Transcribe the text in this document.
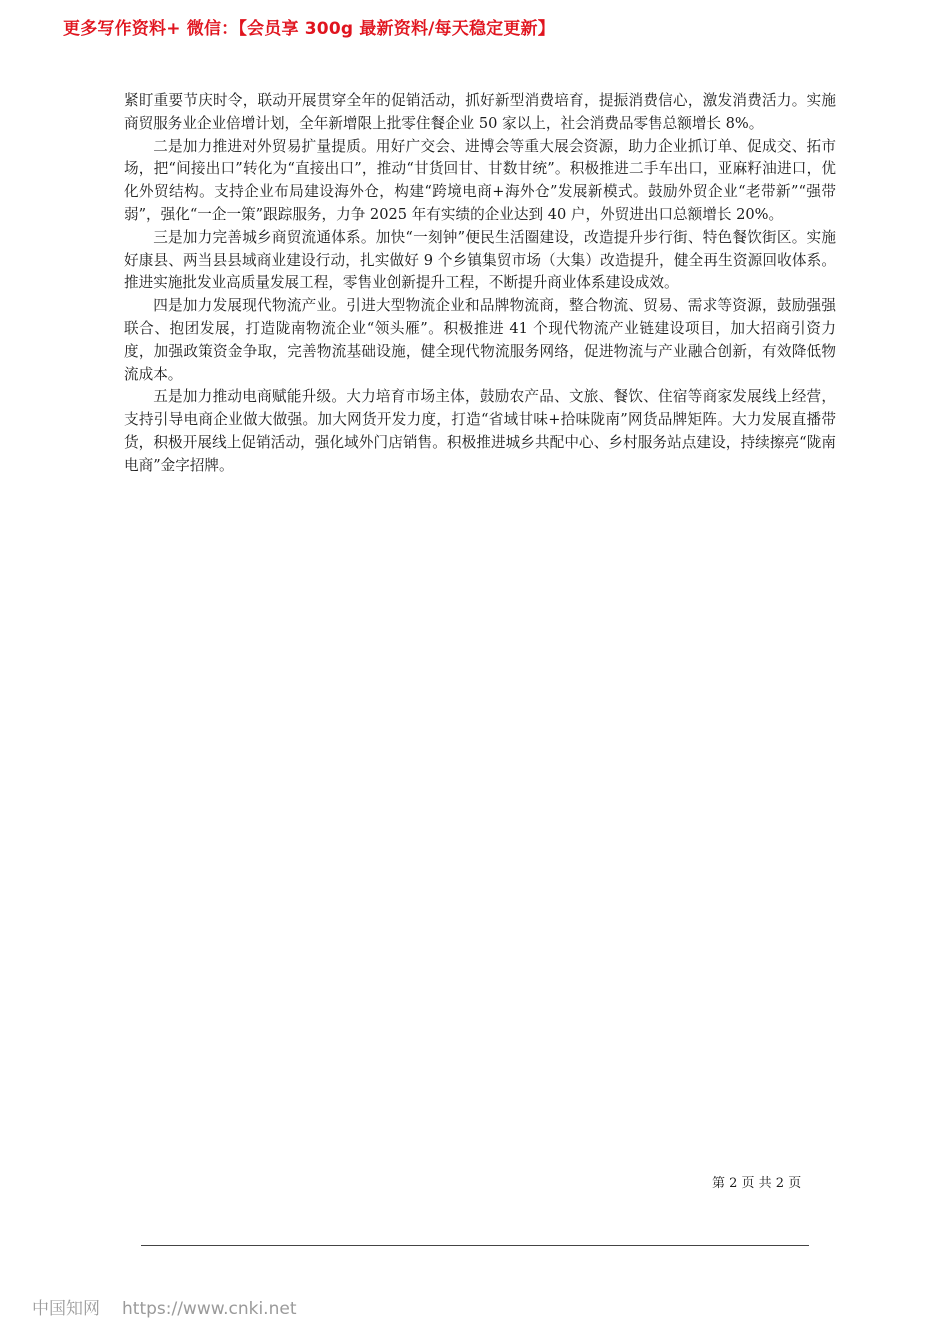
更多写作资料+ 微信：【会员享 300g 最新资料/每天稳定更新】

紧盯重要节庆时令，联动开展贯穿全年的促销活动，抓好新型消费培育，提振消费信心，激发消费活力。实施商贸服务业企业倍增计划，全年新增限上批零住餐企业 50 家以上，社会消费品零售总额增长 8%。

二是加力推进对外贸易扩量提质。用好广交会、进博会等重大展会资源，助力企业抓订单、促成交、拓市场，把“间接出口”转化为“直接出口”，推动“甘货回甘、甘数甘统”。积极推进二手车出口，亚麻籽油进口，优化外贸结构。支持企业布局建设海外仓，构建“跨境电商+海外仓”发展新模式。鼓励外贸企业“老带新”“强带弱”，强化“一企一策”跟踪服务，力争 2025 年有实绩的企业达到 40 户，外贸进出口总额增长 20%。

三是加力完善城乡商贸流通体系。加快“一刻钟”便民生活圈建设，改造提升步行街、特色餐饮街区。实施好康县、两当县县域商业建设行动，扎实做好 9 个乡镇集贸市场（大集）改造提升，健全再生资源回收体系。推进实施批发业高质量发展工程，零售业创新提升工程，不断提升商业体系建设成效。

四是加力发展现代物流产业。引进大型物流企业和品牌物流商，整合物流、贸易、需求等资源，鼓励强强联合、抱团发展，打造陇南物流企业“领头雁”。积极推进 41 个现代物流产业链建设项目，加大招商引资力度，加强政策资金争取，完善物流基础设施，健全现代物流服务网络，促进物流与产业融合创新，有效降低物流成本。

五是加力推动电商赋能升级。大力培育市场主体，鼓励农产品、文旅、餐饮、住宿等商家发展线上经营，支持引导电商企业做大做强。加大网货开发力度，打造“省域甘味+拾味陇南”网货品牌矩阵。大力发展直播带货，积极开展线上促销活动，强化域外门店销售。积极推进城乡共配中心、乡村服务站点建设，持续擦亮“陇南电商”金字招牌。

第 2 页 共 2 页
中国知网 https://www.cnki.net
